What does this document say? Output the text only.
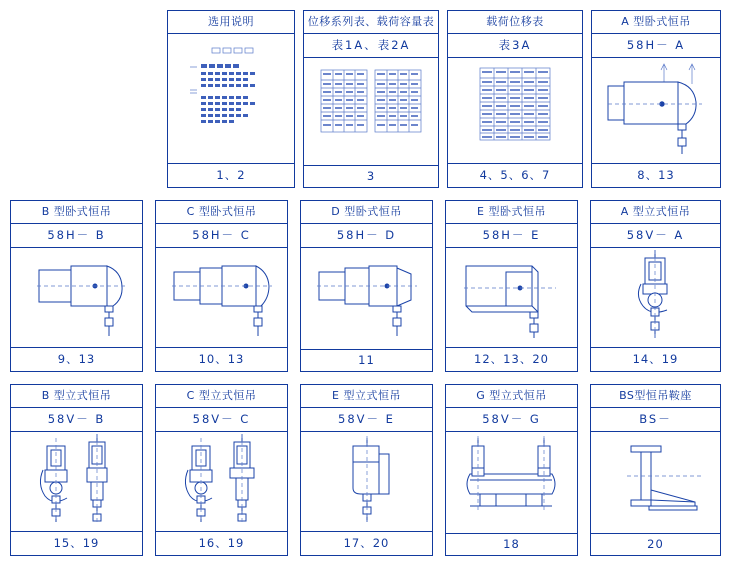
选用说明
1、2
位移系列表、载荷容量表
表1A、表2A
3
载荷位移表
表3A
4、5、6、7
A 型卧式恒吊
58H－ A
8、13
B 型卧式恒吊
58H－ B
9、13
C 型卧式恒吊
58H－ C
10、13
D 型卧式恒吊
58H－ D
11
E 型卧式恒吊
58H－ E
12、13、20
A 型立式恒吊
58V－ A
14、19
B 型立式恒吊
58V－ B
15、19
C 型立式恒吊
58V－ C
16、19
E 型立式恒吊
58V－ E
17、20
G 型立式恒吊
58V－ G
18
BS型恒吊鞍座
BS－
20
